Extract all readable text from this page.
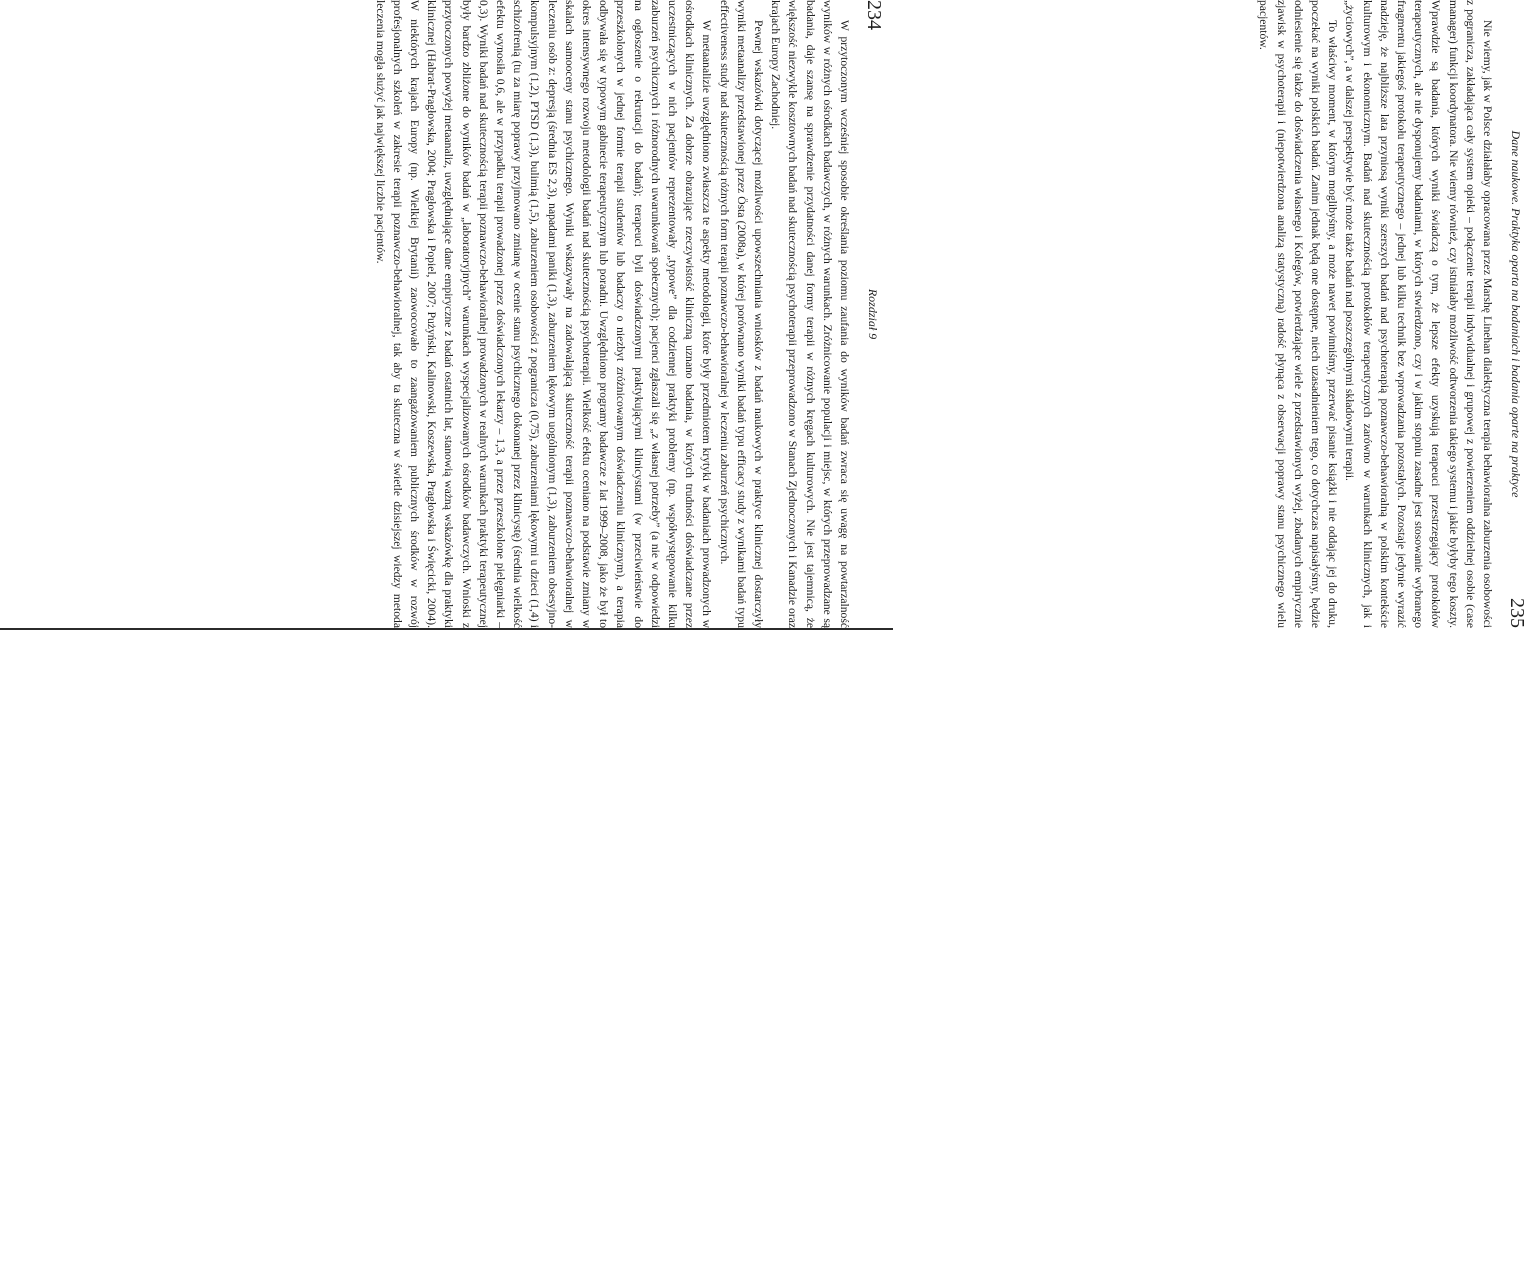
234
Rozdział 9

W przytoczonym wcześniej sposobie określania poziomu zaufania do wyników badań zwraca się uwagę na powtarzalność wyników w różnych ośrodkach badawczych, w różnych warunkach. Zróżnicowanie populacji i miejsc, w których przeprowadzane są badania, daje szansę na sprawdzenie przydatności danej formy terapii w różnych kręgach kulturowych. Nie jest tajemnicą, że większość niezwykle kosztownych badań nad skutecznością psychoterapii przeprowadzono w Stanach Zjednoczonych i Kanadzie oraz krajach Europy Zachodniej.

Pewnej wskazówki dotyczącej możliwości upowszechniania wniosków z badań naukowych w praktyce klinicznej dostarczyły wyniki metaanalizy przedstawionej przez Östa (2008a), w której porównano wyniki badań typu efficacy study z wynikami badań typu effectiveness study nad skutecznością różnych form terapii poznawczo-behawioralnej w leczeniu zaburzeń psychicznych.

W metaanalizie uwzględniono zwłaszcza te aspekty metodologii, które były przedmiotem krytyki w badaniach prowadzonych w ośrodkach klinicznych. Za dobrze obrazujące rzeczywistość kliniczną uznano badania, w których trudności doświadczane przez uczestniczących w nich pacjentów reprezentowały „typowe” dla codziennej praktyki problemy (np. współwystępowanie kilku zaburzeń psychicznych i różnorodnych uwarunkowań społecznych); pacjenci zgłaszali się „z własnej potrzeby” (a nie w odpowiedzi na ogłoszenie o rekrutacji do badań); terapeuci byli doświadczonymi praktykującymi klinicystami (w przeciwieństwie do przeszkolonych w jednej formie terapii studentów lub badaczy o niezbyt zróżnicowanym doświadczeniu klinicznym), a terapia odbywała się w typowym gabinecie terapeutycznym lub poradni. Uwzględniono programy badawcze z lat 1999–2008, jako że był to okres intensywnego rozwoju metodologii badań nad skutecznością psychoterapii. Wielkość efektu oceniano na podstawie zmiany w skalach samooceny stanu psychicznego. Wyniki wskazywały na zadowalającą skuteczność terapii poznawczo-behawioralnej w leczeniu osób z: depresją (średnia ES 2,3), napadami paniki (1,3), zaburzeniem lękowym uogólnionym (1,3), zaburzeniem obsesyjno-kompulsyjnym (1,2), PTSD (1,3), bulimią (1,5), zaburzeniem osobowości z pogranicza (0,75), zaburzeniami lękowymi u dzieci (1,4) i schizofrenią (tu za miarę poprawy przyjmowano zmianę w ocenie stanu psychicznego dokonanej przez klinicystę) (średnia wielkość efektu wynosiła 0,6, ale w przypadku terapii prowadzonej przez doświadczonych lekarzy – 1,3, a przez przeszkolone pielęgniarki – 0,3). Wyniki badań nad skutecznością terapii poznawczo-behawioralnej prowadzonych w realnych warunkach praktyki terapeutycznej były bardzo zbliżone do wyników badań w „laboratoryjnych” warunkach wyspecjalizowanych ośrodków badawczych. Wnioski z przytoczonych powyżej metaanaliz, uwzględniające dane empiryczne z badań ostatnich lat, stanowią ważną wskazówkę dla praktyki klinicznej (Habrat-Pragłowska, 2004; Pragłowska i Popiel, 2007; Pużyński, Kalinowski, Koszewska, Pragłowska i Święcicki, 2004). W niektórych krajach Europy (np. Wielkiej Brytanii) zaowocowało to zaangażowaniem publicznych środków w rozwój profesjonalnych szkoleń w zakresie terapii poznawczo-behawioralnej, tak aby ta skuteczna w świetle dzisiejszej wiedzy metoda leczenia mogła służyć jak największej liczbie pacjentów.	Dane naukowe. Praktyka oparta na badaniach i badania oparte na praktyce
235

Nie wiemy, jak w Polsce działałaby opracowana przez Marshę Linehan dialektyczna terapia behawioralna zaburzenia osobowości z pogranicza, zakładająca cały system opieki – połączenie terapii indywidualnej i grupowej z powierzeniem oddzielnej osobie (case manager) funkcji koordynatora. Nie wiemy również, czy istniałaby możliwość odtworzenia takiego systemu i jakie byłyby tego koszty. Wprawdzie są badania, których wyniki świadczą o tym, że lepsze efekty uzyskują terapeuci przestrzegający protokołów terapeutycznych, ale nie dysponujemy badaniami, w których stwierdzono, czy i w jakim stopniu zasadne jest stosowanie wybranego fragmentu jakiegoś protokołu terapeutycznego – jednej lub kilku technik bez wprowadzania pozostałych. Pozostaje jedynie wyrazić nadzieję, że najbliższe lata przyniosą wyniki szerszych badań nad psychoterapią poznawczo-behawioralną w polskim kontekście kulturowym i ekonomicznym. Badań nad skutecznością protokołów terapeutycznych zarówno w warunkach klinicznych, jak i „życiowych”, a w dalszej perspektywie być może także badań nad poszczególnymi składowymi terapii.

To właściwy moment, w którym moglibyśmy, a może nawet powinniśmy, przerwać pisanie książki i nie oddając jej do druku, poczekać na wyniki polskich badań. Zanim jednak będą one dostępne, niech uzasadnieniem tego, co dotychczas napisałyśmy, będzie odniesienie się także do doświadczenia własnego i Kolegów, potwierdzające wiele z przedstawionych wyżej, zbadanych empirycznie zjawisk w psychoterapii i (niepotwierdzona analizą statystyczną) radość płynąca z obserwacji poprawy stanu psychicznego wielu pacjentów.
